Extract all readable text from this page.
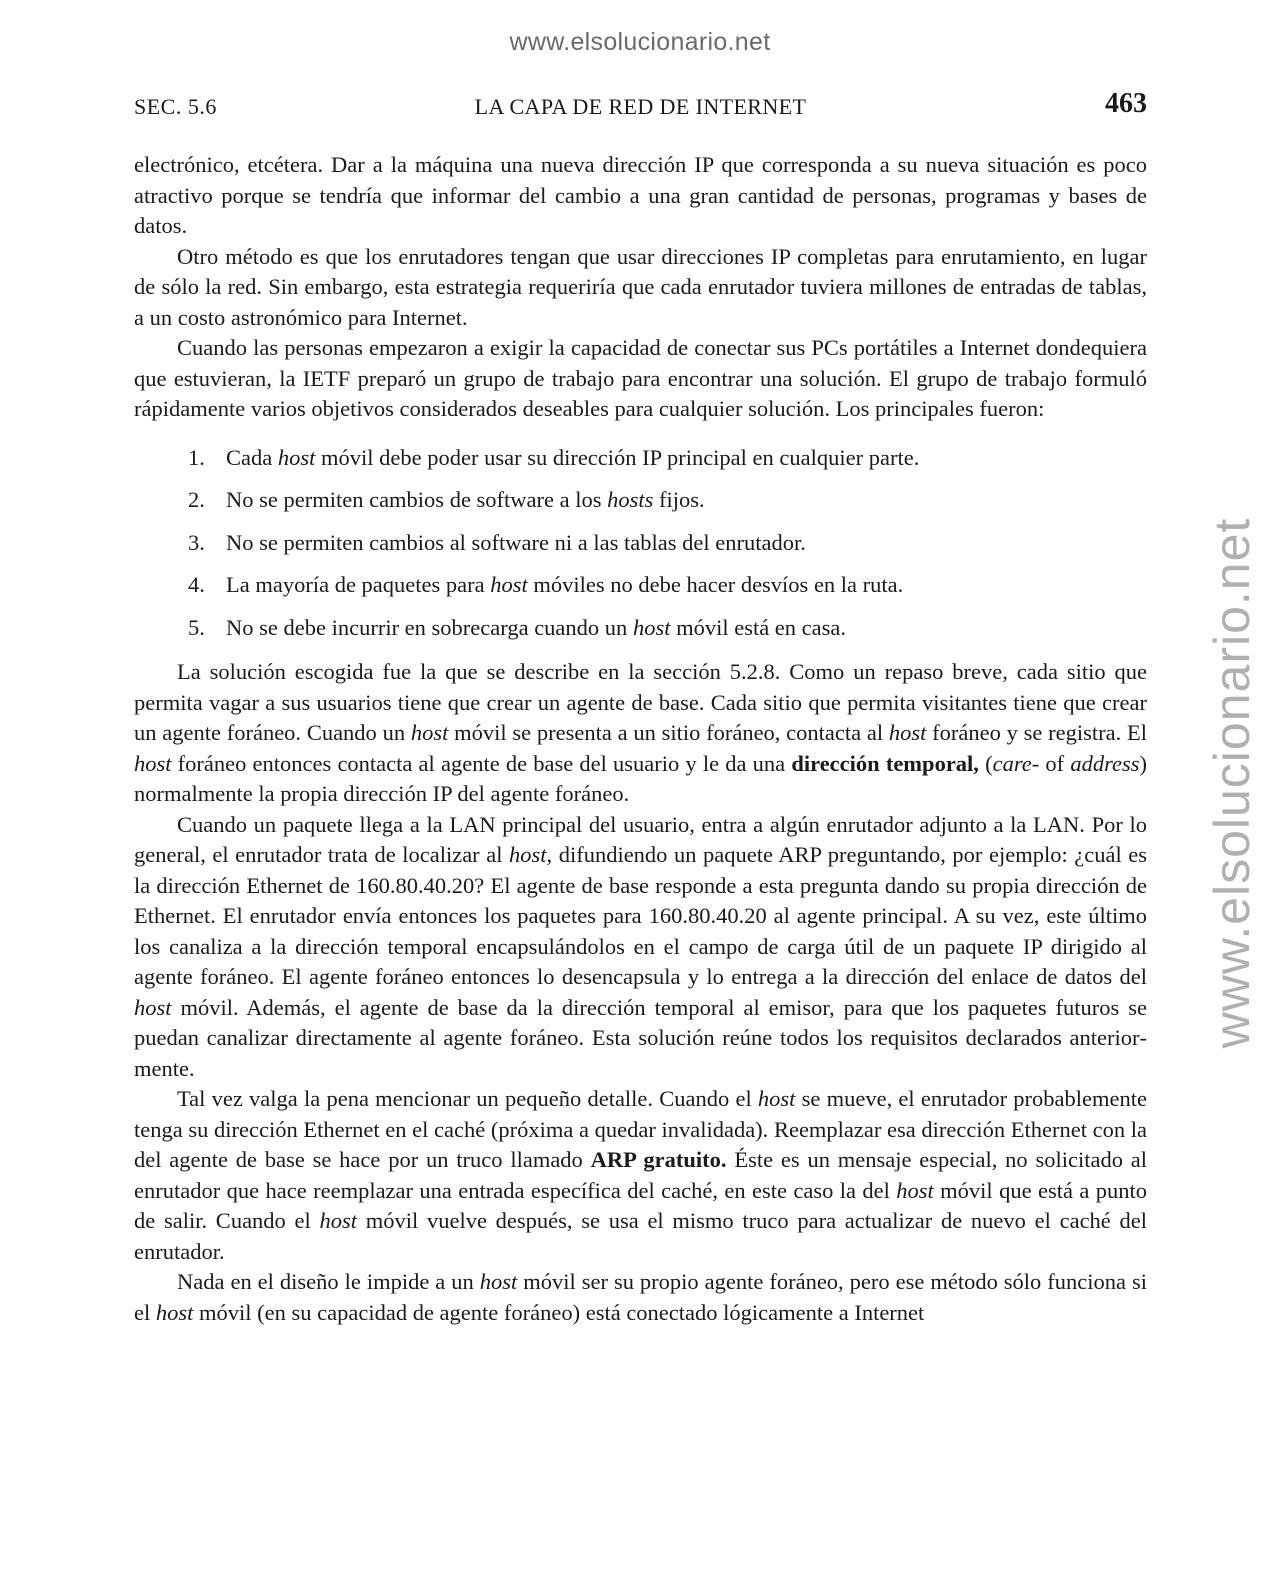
www.elsolucionario.net
www.elsolucionario.net
SEC. 5.6	LA CAPA DE RED DE INTERNET	463

electrónico, etcétera. Dar a la máquina una nueva dirección IP que corresponda a su nueva situación es poco atractivo porque se tendría que informar del cambio a una gran cantidad de personas, programas y bases de datos.

Otro método es que los enrutadores tengan que usar direcciones IP completas para enrutamiento, en lugar de sólo la red. Sin embargo, esta estrategia requeriría que cada enrutador tuviera millones de entradas de tablas, a un costo astronómico para Internet.

Cuando las personas empezaron a exigir la capacidad de conectar sus PCs portátiles a Internet dondequiera que estuvieran, la IETF preparó un grupo de trabajo para encontrar una solución. El grupo de trabajo formuló rápidamente varios objetivos considerados deseables para cualquier solución. Los principales fueron:

1. Cada host móvil debe poder usar su dirección IP principal en cualquier parte.
2. No se permiten cambios de software a los hosts fijos.
3. No se permiten cambios al software ni a las tablas del enrutador.
4. La mayoría de paquetes para host móviles no debe hacer desvíos en la ruta.
5. No se debe incurrir en sobrecarga cuando un host móvil está en casa.

La solución escogida fue la que se describe en la sección 5.2.8. Como un repaso breve, cada sitio que permita vagar a sus usuarios tiene que crear un agente de base. Cada sitio que permita visitantes tiene que crear un agente foráneo. Cuando un host móvil se presenta a un sitio foráneo, contacta al host foráneo y se registra. El host foráneo entonces contacta al agente de base del usuario y le da una dirección temporal, (care- of address) normalmente la propia dirección IP del agente foráneo.

Cuando un paquete llega a la LAN principal del usuario, entra a algún enrutador adjunto a la LAN. Por lo general, el enrutador trata de localizar al host, difundiendo un paquete ARP preguntando, por ejemplo: ¿cuál es la dirección Ethernet de 160.80.40.20? El agente de base responde a esta pregunta dando su propia dirección de Ethernet. El enrutador envía entonces los paquetes para 160.80.40.20 al agente principal. A su vez, este último los canaliza a la dirección temporal encapsulándolos en el campo de carga útil de un paquete IP dirigido al agente foráneo. El agente foráneo entonces lo desencapsula y lo entrega a la dirección del enlace de datos del host móvil. Además, el agente de base da la dirección temporal al emisor, para que los paquetes futuros se puedan canalizar directamente al agente foráneo. Esta solución reúne todos los requisitos declarados anteriormente.

Tal vez valga la pena mencionar un pequeño detalle. Cuando el host se mueve, el enrutador probablemente tenga su dirección Ethernet en el caché (próxima a quedar invalidada). Reemplazar esa dirección Ethernet con la del agente de base se hace por un truco llamado ARP gratuito. Éste es un mensaje especial, no solicitado al enrutador que hace reemplazar una entrada específica del caché, en este caso la del host móvil que está a punto de salir. Cuando el host móvil vuelve después, se usa el mismo truco para actualizar de nuevo el caché del enrutador.

Nada en el diseño le impide a un host móvil ser su propio agente foráneo, pero ese método sólo funciona si el host móvil (en su capacidad de agente foráneo) está conectado lógicamente a Internet
